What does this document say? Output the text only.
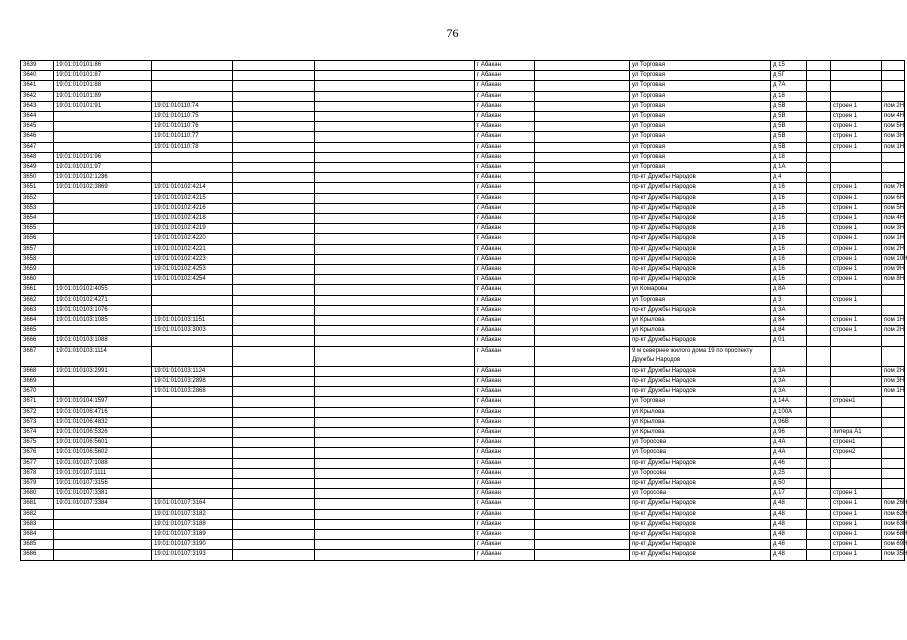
76
3639	19:01:010101:86				г Абакан		ул Торговая	д 15			
3640	19:01:010101:87				г Абакан		ул Торговая	д 5Г			
3641	19:01:010101:88				г Абакан		ул Торговая	д 7А			
3642	19:01:010101:89				г Абакан		ул Торговая	д 18			
3643	19:01:010101:91	19:01:010110:74			г Абакан		ул Торговая	д 5В		строен 1	пом 2Н
3644		19:01:010110:75			г Абакан		ул Торговая	д 5В		строен 1	пом 4Н
3645		19:01:010110:76			г Абакан		ул Торговая	д 5В		строен 1	пом 5Н
3646		19:01:010110:77			г Абакан		ул Торговая	д 5В		строен 1	пом 3Н
3647		19:01:010110:78			г Абакан		ул Торговая	д 5В		строен 1	пом 1Н
3648	19:01:010101:96				г Абакан		ул Торговая	д 18			
3649	19:01:010101:97				г Абакан		ул Торговая	д 1А			
3650	19:01:010102:1236				г Абакан		пр-кт Дружбы Народов	д 4			
3651	19:01:010102:3869	19:01:010102:4214			г Абакан		пр-кт Дружбы Народов	д 16		строен 1	пом 7Н
3652		19:01:010102:4215			г Абакан		пр-кт Дружбы Народов	д 16		строен 1	пом 6Н
3653		19:01:010102:4216			г Абакан		пр-кт Дружбы Народов	д 16		строен 1	пом 5Н
3654		19:01:010102:4218			г Абакан		пр-кт Дружбы Народов	д 16		строен 1	пом 4Н
3655		19:01:010102:4219			г Абакан		пр-кт Дружбы Народов	д 16		строен 1	пом 3Н
3656		19:01:010102:4220			г Абакан		пр-кт Дружбы Народов	д 16		строен 1	пом 1Н
3657		19:01:010102:4221			г Абакан		пр-кт Дружбы Народов	д 16		строен 1	пом 2Н
3658		19:01:010102:4223			г Абакан		пр-кт Дружбы Народов	д 16		строен 1	пом 10Н
3659		19:01:010102:4253			г Абакан		пр-кт Дружбы Народов	д 16		строен 1	пом 9Н
3660		19:01:010102:4254			г Абакан		пр-кт Дружбы Народов	д 16		строен 1	пом 8Н
3661	19:01:010102:4055				г Абакан		ул Комарова	д 8А			
3662	19:01:010102:4271				г Абакан		ул Торговая	д 3		строен 1	
3663	19:01:010103:1076				г Абакан		пр-кт Дружбы Народов	д 3А			
3664	19:01:010103:1085	19:01:010103:1151			г Абакан		ул Крылова	д 84		строен 1	пом 1Н
3665		19:01:010103:3003			г Абакан		ул Крылова	д 84		строен 1	пом 2Н
3666	19:01:010103:1088				г Абакан		пр-кт Дружбы Народов	д 01			
3667	19:01:010103:1114				г Абакан		9 м севернее жилого дома 19 по проспекту Дружбы Народов				
3668	19:01:010103:2991	19:01:010103:1124			г Абакан		пр-кт Дружбы Народов	д 3А			пом 2Н
3669		19:01:010103:2898			г Абакан		пр-кт Дружбы Народов	д 3А			пом 3Н
3670		19:01:010103:2868			г Абакан		пр-кт Дружбы Народов	д 3А			пом 1Н
3671	19:01:010104:1597				г Абакан		ул Торговая	д 14А		строен1	
3672	19:01:010106:4716				г Абакан		ул Крылова	д 100А			
3673	19:01:010106:4832				г Абакан		ул Крылова	д 96В			
3674	19:01:010106:5326				г Абакан		ул Крылова	д 96		литера А1	
3675	19:01:010106:5601				г Абакан		ул Торосова	д 4А		строен1	
3676	19:01:010106:5602				г Абакан		ул Торосова	д 4А		строен2	
3677	19:01:010107:1088				г Абакан		пр-кт Дружбы Народов	д 46			
3678	19:01:010107:1111				г Абакан		ул Торосова	д 25			
3679	19:01:010107:3156				г Абакан		пр-кт Дружбы Народов	д 50			
3680	19:01:010107:3381				г Абакан		ул Торосова	д 17		строен 1	
3681	19:01:010107:3384	19:01:010107:3164			г Абакан		пр-кт Дружбы Народов	д 48		строен 1	пом 26Н
3682		19:01:010107:3182			г Абакан		пр-кт Дружбы Народов	д 48		строен 1	пом 62Н
3683		19:01:010107:3188			г Абакан		пр-кт Дружбы Народов	д 48		строен 1	пом 63Н
3684		19:01:010107:3189			г Абакан		пр-кт Дружбы Народов	д 48		строен 1	пом 68Н
3685		19:01:010107:3190			г Абакан		пр-кт Дружбы Народов	д 48		строен 1	пом 69Н
3686		19:01:010107:3193			г Абакан		пр-кт Дружбы Народов	д 48		строен 1	пом 35Н
